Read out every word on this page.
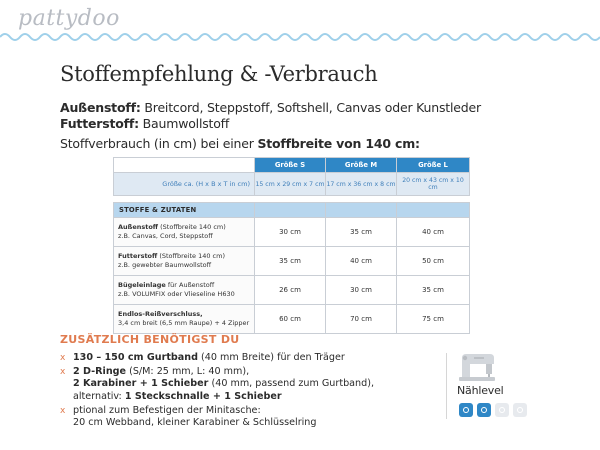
pattydoo
Stoffempfehlung & -Verbrauch
Außenstoff: Breitcord, Steppstoff, Softshell, Canvas oder Kunstleder
Futterstoff: Baumwollstoff
Stoffverbrauch (in cm) bei einer Stoffbreite von 140 cm:
	Größe S	Größe M	Größe L
Größe ca. (H x B x T in cm)	15 cm x 29 cm x 7 cm	17 cm x 36 cm x 8 cm	20 cm x 43 cm x 10 cm

STOFFE & ZUTATEN			
Außenstoff (Stoffbreite 140 cm)
z.B. Canvas, Cord, Steppstoff	30 cm	35 cm	40 cm
Futterstoff (Stoffbreite 140 cm)
z.B. gewebter Baumwollstoff	35 cm	40 cm	50 cm
Bügeleinlage für Außenstoff
z.B. VOLUMFIX oder Vlieseline H630	26 cm	30 cm	35 cm
Endlos-Reißverschluss,
3,4 cm breit (6,5 mm Raupe) + 4 Zipper	60 cm	70 cm	75 cm
ZUSÄTZLICH BENÖTIGST DU
x 130 – 150 cm Gurtband (40 mm Breite) für den Träger
x 2 D-Ringe (S/M: 25 mm, L: 40 mm),
2 Karabiner + 1 Schieber (40 mm, passend zum Gurtband),
alternativ: 1 Steckschnalle + 1 Schieber
x ptional zum Befestigen der Minitasche:
20 cm Webband, kleiner Karabiner & Schlüsselring
Nählevel
